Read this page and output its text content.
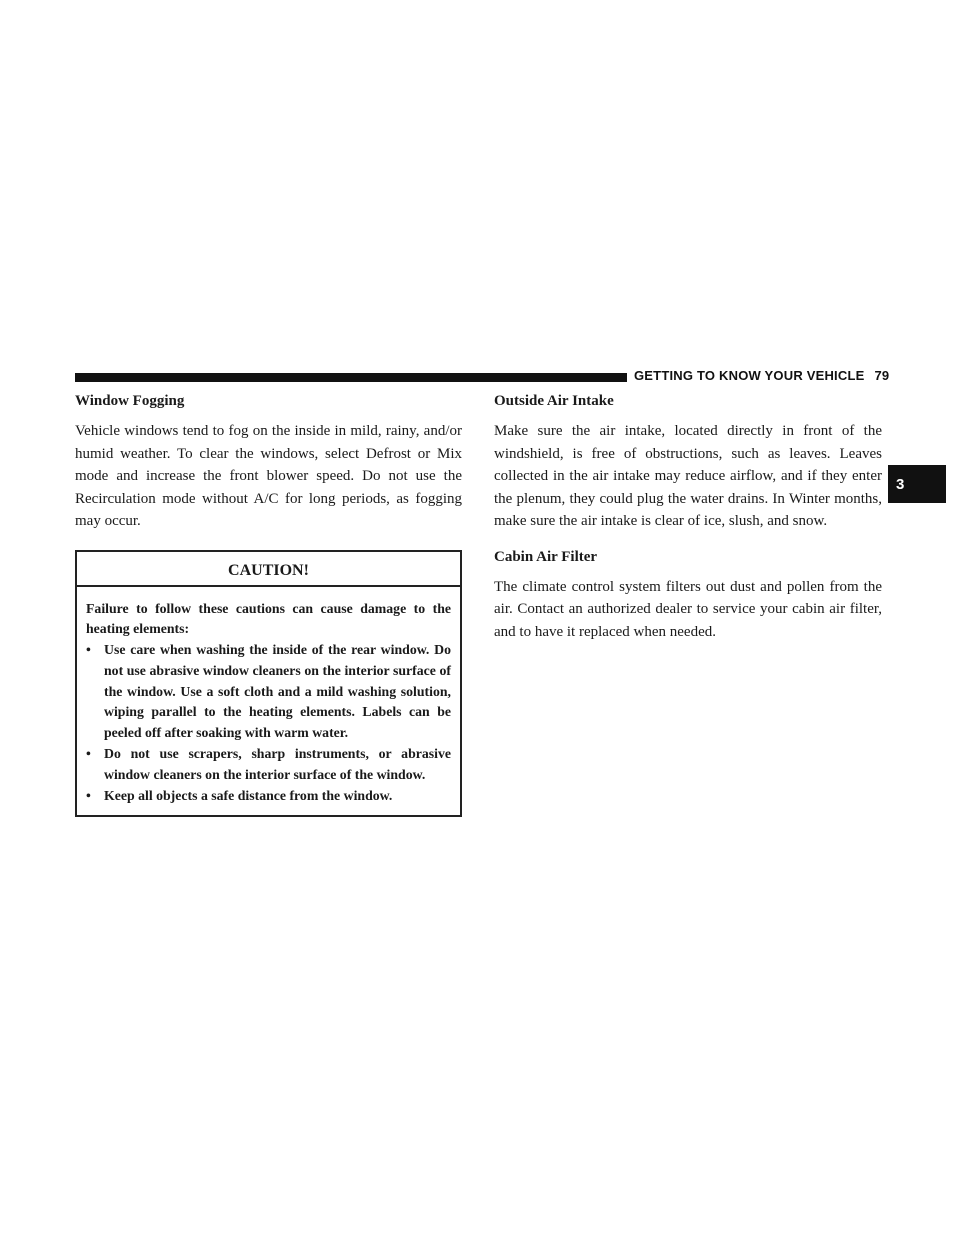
GETTING TO KNOW YOUR VEHICLE 79
3
Window Fogging

Vehicle windows tend to fog on the inside in mild, rainy, and/or humid weather. To clear the windows, select Defrost or Mix mode and increase the front blower speed. Do not use the Recirculation mode without A/C for long periods, as fogging may occur.

CAUTION!

Failure to follow these cautions can cause damage to the heating elements:

• Use care when washing the inside of the rear window. Do not use abrasive window cleaners on the interior surface of the window. Use a soft cloth and a mild washing solution, wiping parallel to the heating elements. Labels can be peeled off after soaking with warm water.
• Do not use scrapers, sharp instruments, or abrasive window cleaners on the interior surface of the window.
• Keep all objects a safe distance from the window.
Outside Air Intake

Make sure the air intake, located directly in front of the windshield, is free of obstructions, such as leaves. Leaves collected in the air intake may reduce airflow, and if they enter the plenum, they could plug the water drains. In Winter months, make sure the air intake is clear of ice, slush, and snow.

Cabin Air Filter

The climate control system filters out dust and pollen from the air. Contact an authorized dealer to service your cabin air filter, and to have it replaced when needed.
